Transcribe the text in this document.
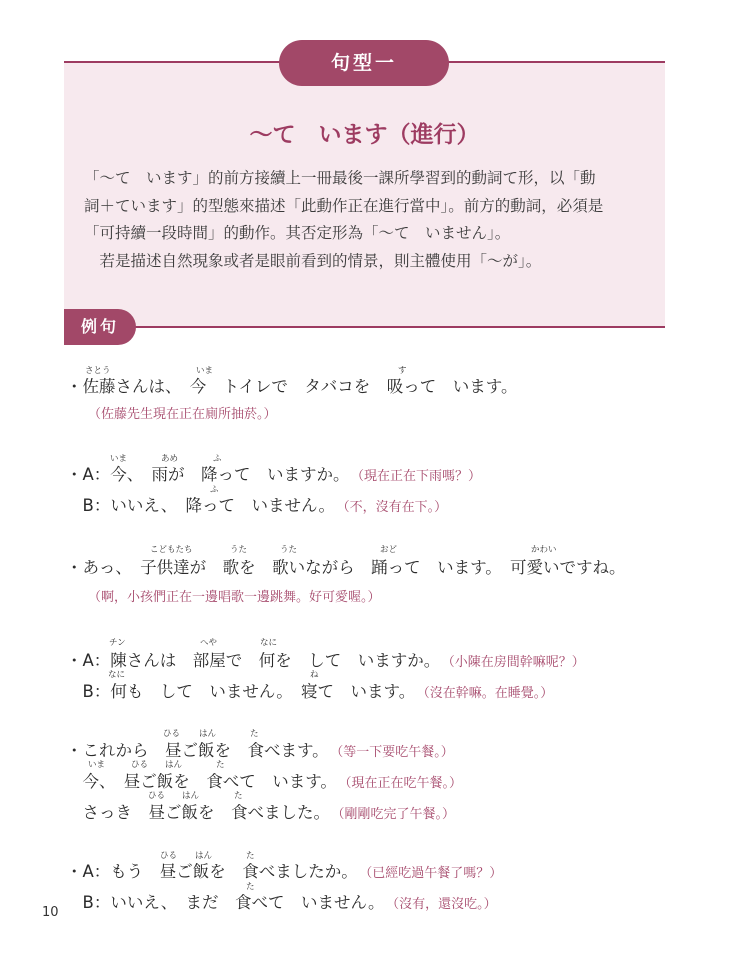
句型一
〜て　います（進行）
「〜て　います」的前方接續上一冊最後一課所學習到的動詞て形，以「動
詞＋ています」的型態來描述「此動作正在進行當中」。前方的動詞，必須是
「可持續一段時間」的動作。其否定形為「〜て　いません」。
　若是描述自然現象或者是眼前看到的情景，則主體使用「〜が」。
例句
さとう	いま	す
いま	あめ	ふ
ふ
こどもたち	うた	うた	おど	かわい
チン	へや	なに
なに	ね
ひる はん	た
いま	ひる はん	た
ひる はん	た
ひる はん	た
た
・佐藤さんは、　今　トイレで　タバコを　吸って　います。
（佐藤先生現在正在廁所抽菸。）
・A：今、　雨が　降って　いますか。 （現在正在下雨嗎？）
　B：いいえ、　降って　いません。 （不，沒有在下。）
・あっ、　子供達が　歌を　歌いながら　踊って　います。　可愛いですね。
（啊，小孩們正在一邊唱歌一邊跳舞。好可愛喔。）
・A：陳さんは　部屋で　何を　して　いますか。 （小陳在房間幹嘛呢？）
　B：何も　して　いません。　寝て　います。 （沒在幹嘛。在睡覺。）
・これから　昼ご飯を　食べます。 （等一下要吃午餐。）
　今、　昼ご飯を　食べて　います。 （現在正在吃午餐。）
　さっき　昼ご飯を　食べました。 （剛剛吃完了午餐。）
・A：もう　昼ご飯を　食べましたか。 （已經吃過午餐了嗎？）
　B：いいえ、　まだ　食べて　いません。 （沒有，還沒吃。）
10
